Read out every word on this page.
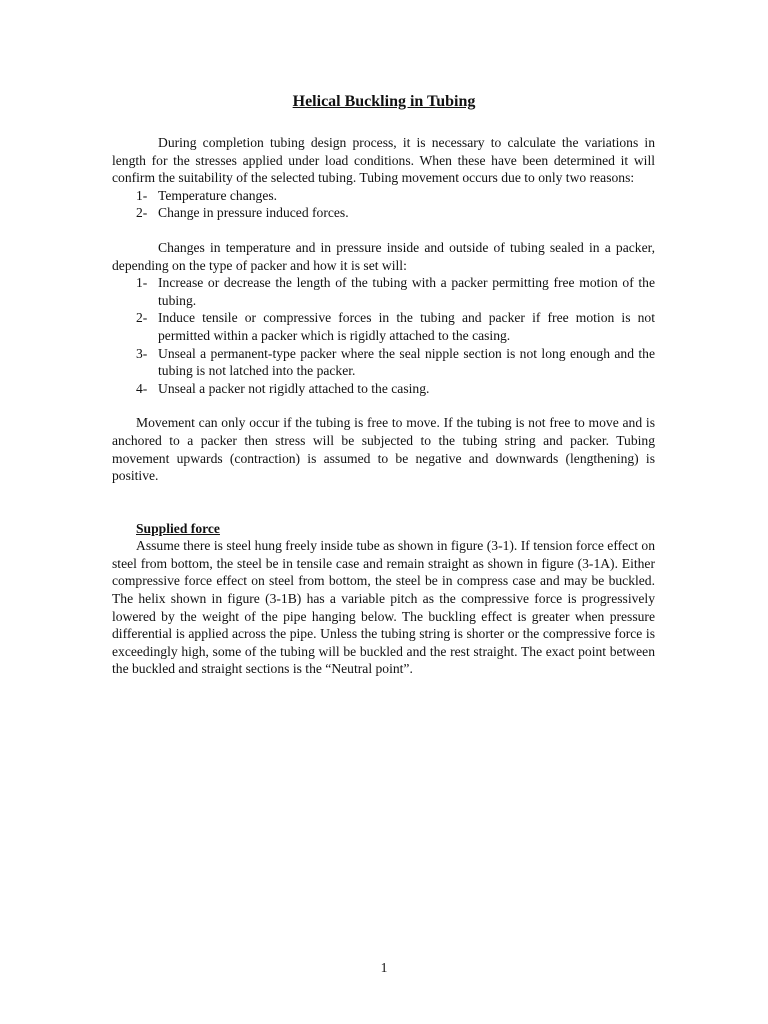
Helical Buckling in Tubing

During completion tubing design process, it is necessary to calculate the variations in length for the stresses applied under load conditions. When these have been determined it will confirm the suitability of the selected tubing. Tubing movement occurs due to only two reasons:

1- Temperature changes.
2- Change in pressure induced forces.

Changes in temperature and in pressure inside and outside of tubing sealed in a packer, depending on the type of packer and how it is set will:

1- Increase or decrease the length of the tubing with a packer permitting free motion of the tubing.
2- Induce tensile or compressive forces in the tubing and packer if free motion is not permitted within a packer which is rigidly attached to the casing.
3- Unseal a permanent-type packer where the seal nipple section is not long enough and the tubing is not latched into the packer.
4- Unseal a packer not rigidly attached to the casing.

Movement can only occur if the tubing is free to move. If the tubing is not free to move and is anchored to a packer then stress will be subjected to the tubing string and packer. Tubing movement upwards (contraction) is assumed to be negative and downwards (lengthening) is positive.

Supplied force

Assume there is steel hung freely inside tube as shown in figure (3-1). If tension force effect on steel from bottom, the steel be in tensile case and remain straight as shown in figure (3-1A). Either compressive force effect on steel from bottom, the steel be in compress case and may be buckled. The helix shown in figure (3-1B) has a variable pitch as the compressive force is progressively lowered by the weight of the pipe hanging below. The buckling effect is greater when pressure differential is applied across the pipe. Unless the tubing string is shorter or the compressive force is exceedingly high, some of the tubing will be buckled and the rest straight. The exact point between the buckled and straight sections is the “Neutral point”.

1
